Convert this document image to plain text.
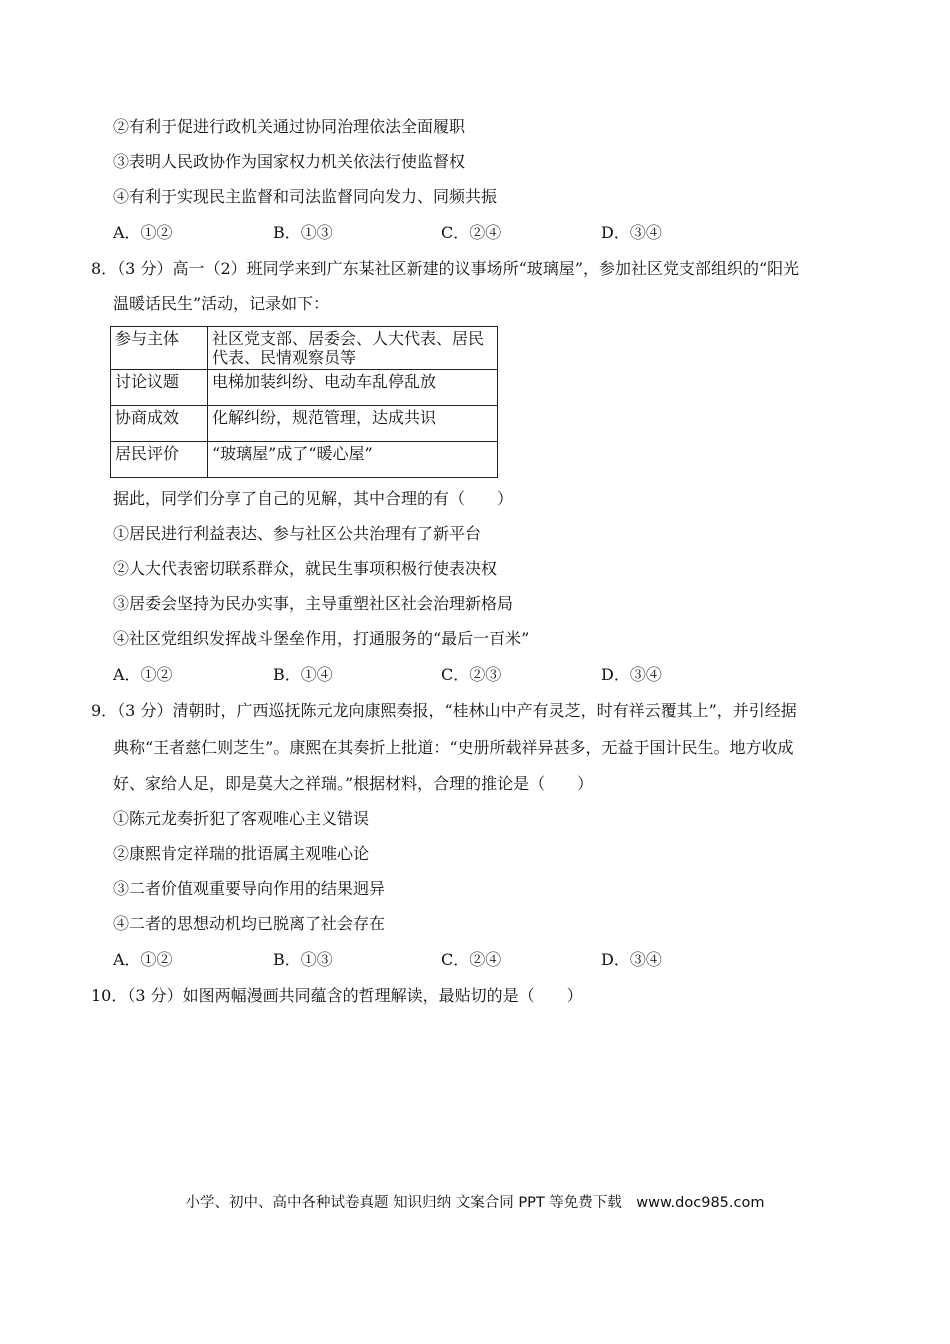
②有利于促进行政机关通过协同治理依法全面履职
③表明人民政协作为国家权力机关依法行使监督权
④有利于实现民主监督和司法监督同向发力、同频共振
A．①②	B．①③	C．②④	D．③④
8．（3 分）高一（2）班同学来到广东某社区新建的议事场所“玻璃屋”，参加社区党支部组织的“阳光
温暖话民生”活动，记录如下：
参与主体	社区党支部、居委会、人大代表、居民代表、民情观察员等
讨论议题	电梯加装纠纷、电动车乱停乱放
协商成效	化解纠纷，规范管理，达成共识
居民评价	“玻璃屋”成了“暖心屋”
据此，同学们分享了自己的见解，其中合理的有（　　）
①居民进行利益表达、参与社区公共治理有了新平台
②人大代表密切联系群众，就民生事项积极行使表决权
③居委会坚持为民办实事，主导重塑社区社会治理新格局
④社区党组织发挥战斗堡垒作用，打通服务的“最后一百米”
A．①②	B．①④	C．②③	D．③④
9．（3 分）清朝时，广西巡抚陈元龙向康熙奏报，“桂林山中产有灵芝，时有祥云覆其上”，并引经据
典称“王者慈仁则芝生”。康熙在其奏折上批道：“史册所载祥异甚多，无益于国计民生。地方收成
好、家给人足，即是莫大之祥瑞。”根据材料，合理的推论是（　　）
①陈元龙奏折犯了客观唯心主义错误
②康熙肯定祥瑞的批语属主观唯心论
③二者价值观重要导向作用的结果迥异
④二者的思想动机均已脱离了社会存在
A．①②	B．①③	C．②④	D．③④
10．（3 分）如图两幅漫画共同蕴含的哲理解读，最贴切的是（　　）
小学、初中、高中各种试卷真题 知识归纳 文案合同 PPT 等免费下载　www.doc985.com
